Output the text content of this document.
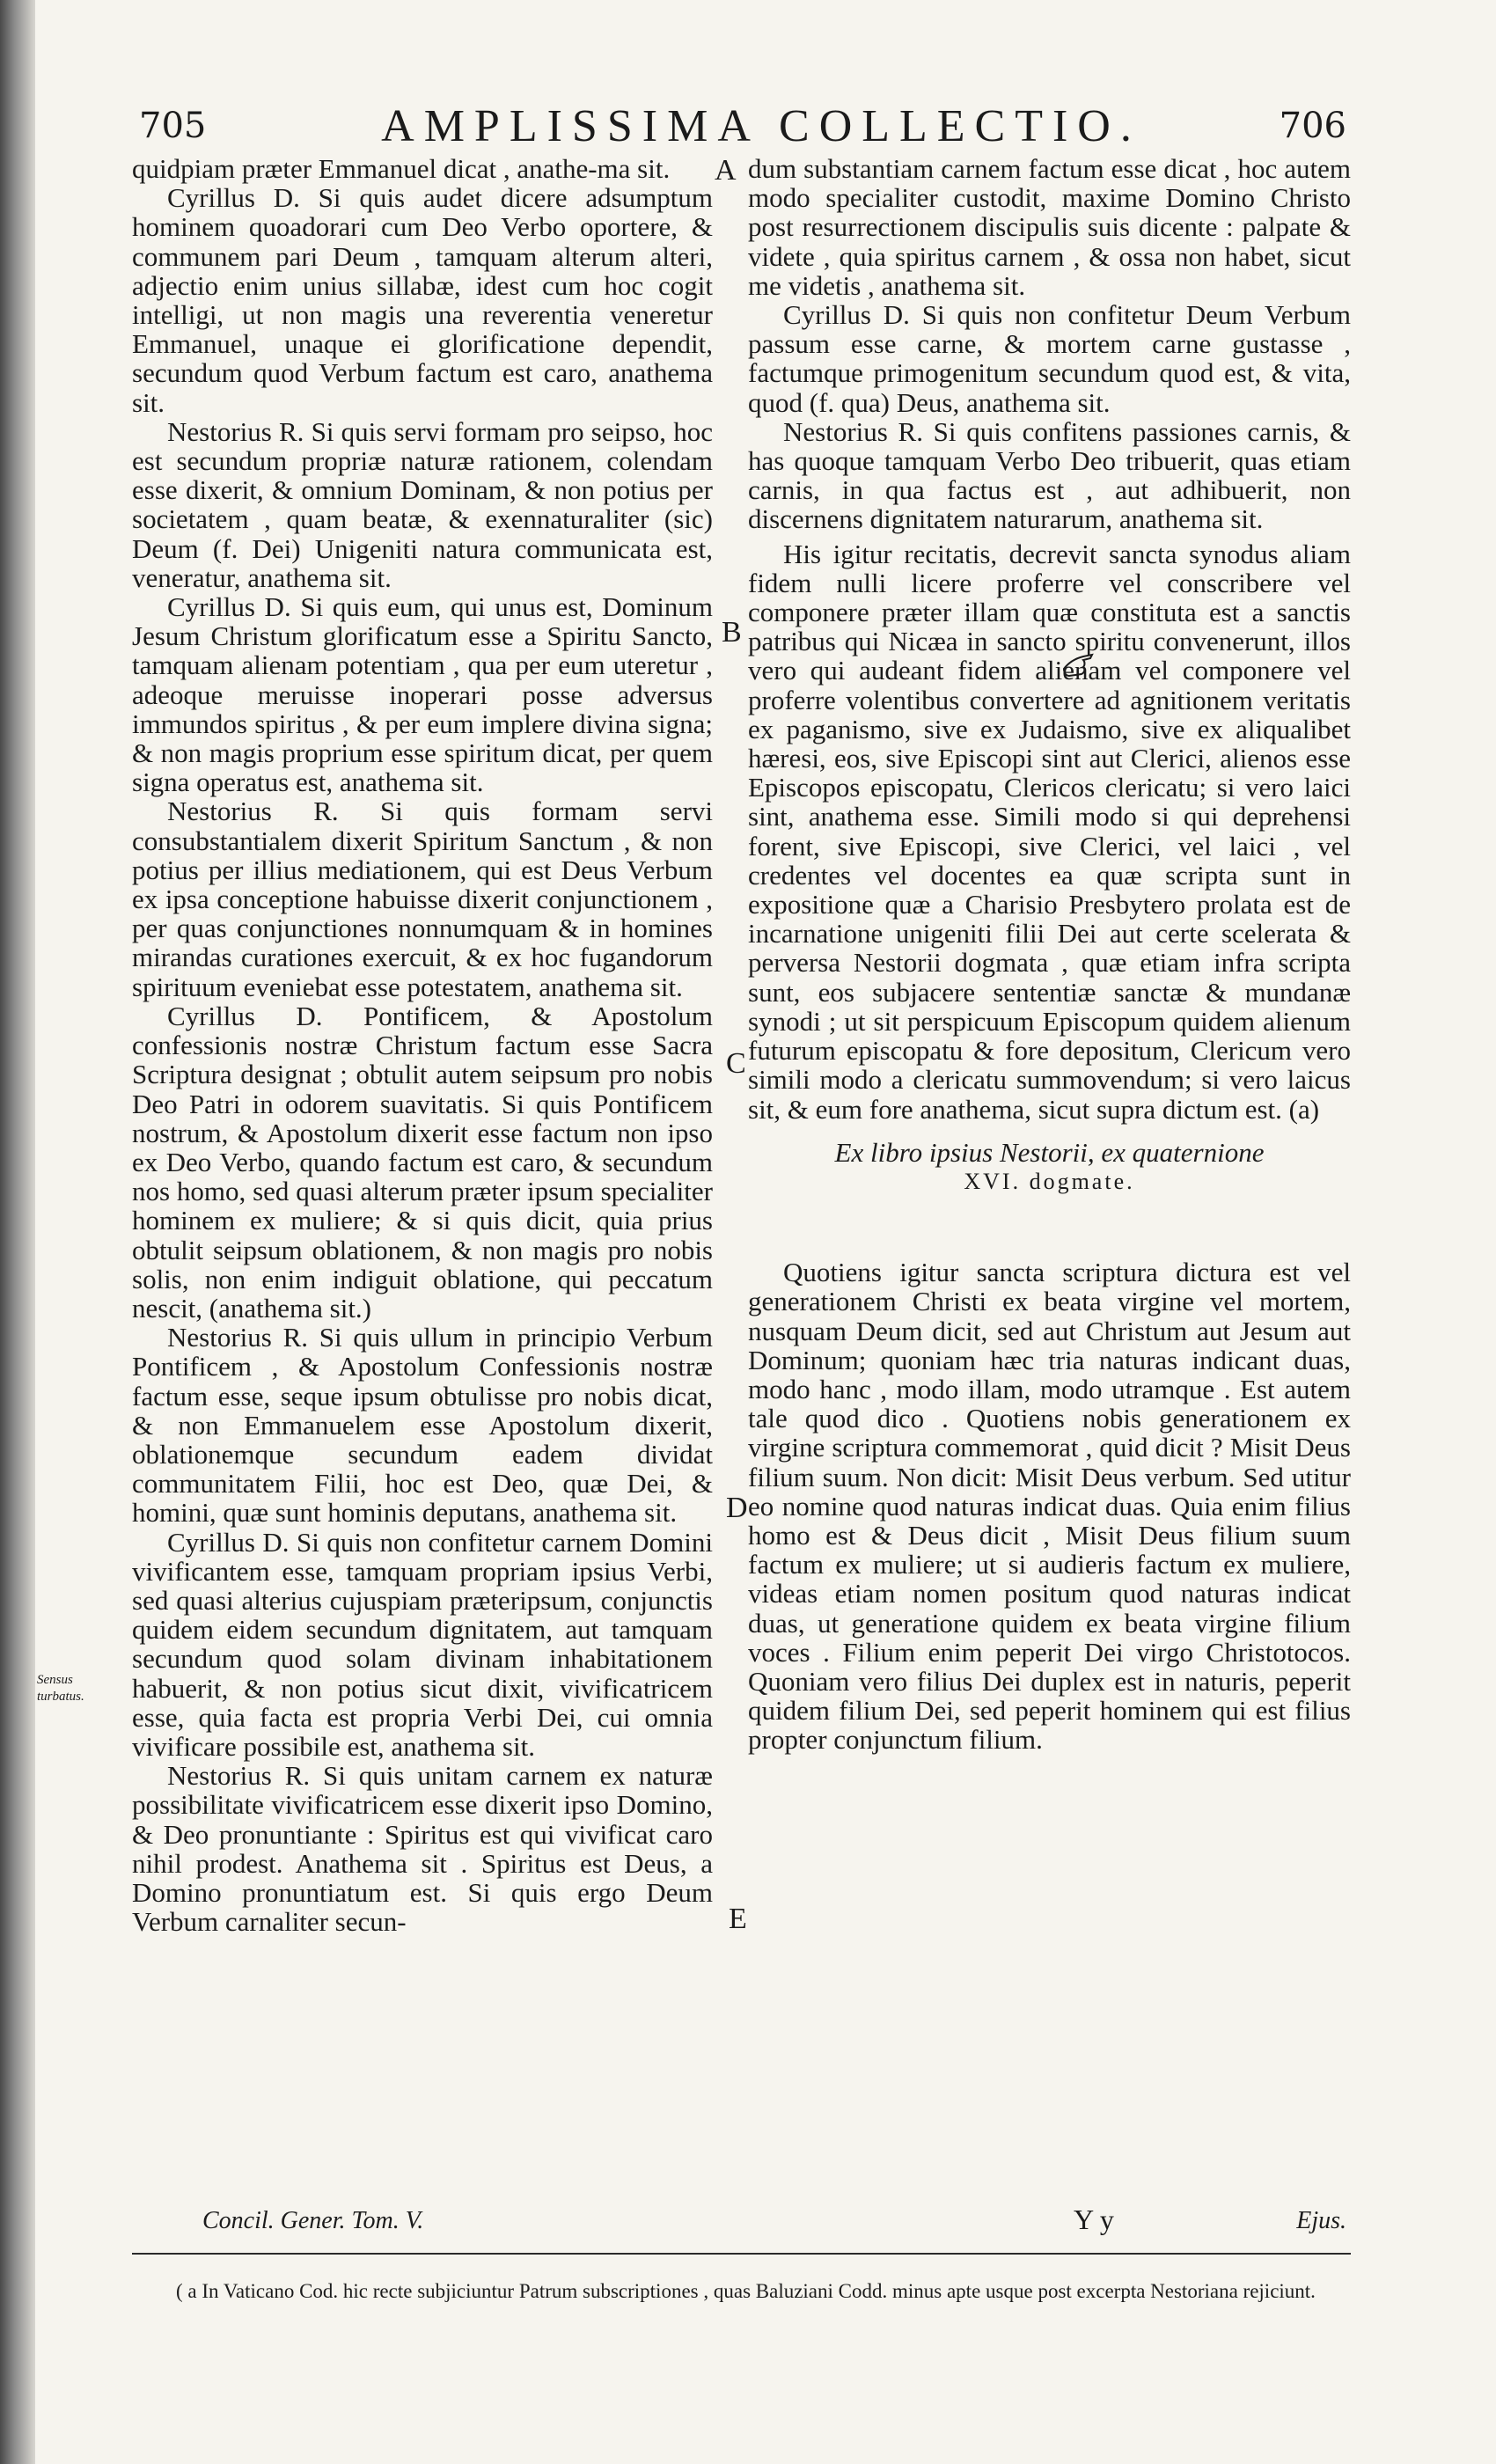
705	AMPLISSIMA COLLECTIO.	706

quidpiam præter Emmanuel dicat , anathe-ma sit.

Cyrillus D. Si quis audet dicere adsumptum hominem quoadorari cum Deo Verbo oportere, & communem pari Deum , tamquam alterum alteri, adjectio enim unius sillabæ, idest cum hoc cogit intelligi, ut non magis una reverentia veneretur Emmanuel, unaque ei glorificatione dependit, secundum quod Verbum factum est caro, anathema sit.

Nestorius R. Si quis servi formam pro seipso, hoc est secundum propriæ naturæ rationem, colendam esse dixerit, & omnium Dominam, & non potius per societatem , quam beatæ, & exennaturaliter (sic) Deum (f. Dei) Unigeniti natura communicata est, veneratur, anathema sit.

Cyrillus D. Si quis eum, qui unus est, Dominum Jesum Christum glorificatum esse a Spiritu Sancto, tamquam alienam potentiam , qua per eum uteretur , adeoque meruisse inoperari posse adversus immundos spiritus , & per eum implere divina signa; & non magis proprium esse spiritum dicat, per quem signa operatus est, anathema sit.

Nestorius R. Si quis formam servi consubstantialem dixerit Spiritum Sanctum , & non potius per illius mediationem, qui est Deus Verbum ex ipsa conceptione habuisse dixerit conjunctionem , per quas conjunctiones nonnumquam & in homines mirandas curationes exercuit, & ex hoc fugandorum spirituum eveniebat esse potestatem, anathema sit.

Cyrillus D. Pontificem, & Apostolum confessionis nostræ Christum factum esse Sacra Scriptura designat ; obtulit autem seipsum pro nobis Deo Patri in odorem suavitatis. Si quis Pontificem nostrum, & Apostolum dixerit esse factum non ipso ex Deo Verbo, quando factum est caro, & secundum nos homo, sed quasi alterum præter ipsum specialiter hominem ex muliere; & si quis dicit, quia prius obtulit seipsum oblationem, & non magis pro nobis solis, non enim indiguit oblatione, qui peccatum nescit, (anathema sit.)

Nestorius R. Si quis ullum in principio Verbum Pontificem , & Apostolum Confessionis nostræ factum esse, seque ipsum obtulisse pro nobis dicat, & non Emmanuelem esse Apostolum dixerit, oblationemque secundum eadem dividat communitatem Filii, hoc est Deo, quæ Dei, & homini, quæ sunt hominis deputans, anathema sit.

Cyrillus D. Si quis non confitetur carnem Domini vivificantem esse, tamquam propriam ipsius Verbi, sed quasi alterius cujuspiam præteripsum, conjunctis quidem eidem secundum dignitatem, aut tamquam secundum quod solam divinam inhabitationem habuerit, & non potius sicut dixit, vivificatricem esse, quia facta est propria Verbi Dei, cui omnia vivificare possibile est, anathema sit.

Nestorius R. Si quis unitam carnem ex naturæ possibilitate vivificatricem esse dixerit ipso Domino, & Deo pronuntiante : Spiritus est qui vivificat caro nihil prodest. Anathema sit . Spiritus est Deus, a Domino pronuntiatum est. Si quis ergo Deum Verbum carnaliter secun-

dum substantiam carnem factum esse dicat , hoc autem modo specialiter custodit, maxime Domino Christo post resurrectionem discipulis suis dicente : palpate & videte , quia spiritus carnem , & ossa non habet, sicut me videtis , anathema sit.

Cyrillus D. Si quis non confitetur Deum Verbum passum esse carne, & mortem carne gustasse , factumque primogenitum secundum quod est, & vita, quod (f. qua) Deus, anathema sit.

Nestorius R. Si quis confitens passiones carnis, & has quoque tamquam Verbo Deo tribuerit, quas etiam carnis, in qua factus est , aut adhibuerit, non discernens dignitatem naturarum, anathema sit.

His igitur recitatis, decrevit sancta synodus aliam fidem nulli licere proferre vel conscribere vel componere præter illam quæ constituta est a sanctis patribus qui Nicæa in sancto spiritu convenerunt, illos vero qui audeant fidem alienam vel componere vel proferre volentibus convertere ad agnitionem veritatis ex paganismo, sive ex Judaismo, sive ex aliqualibet hæresi, eos, sive Episcopi sint aut Clerici, alienos esse Episcopos episcopatu, Clericos clericatu; si vero laici sint, anathema esse. Simili modo si qui deprehensi forent, sive Episcopi, sive Clerici, vel laici , vel credentes vel docentes ea quæ scripta sunt in expositione quæ a Charisio Presbytero prolata est de incarnatione unigeniti filii Dei aut certe scelerata & perversa Nestorii dogmata , quæ etiam infra scripta sunt, eos subjacere sententiæ sanctæ & mundanæ synodi ; ut sit perspicuum Episcopum quidem alienum futurum episcopatu & fore depositum, Clericum vero simili modo a clericatu summovendum; si vero laicus sit, & eum fore anathema, sicut supra dictum est. (a)

Ex libro ipsius Nestorii, ex quaternione

XVI. dogmate.

Quotiens igitur sancta scriptura dictura est vel generationem Christi ex beata virgine vel mortem, nusquam Deum dicit, sed aut Christum aut Jesum aut Dominum; quoniam hæc tria naturas indicant duas, modo hanc , modo illam, modo utramque . Est autem tale quod dico . Quotiens nobis generationem ex virgine scriptura commemorat , quid dicit ? Misit Deus filium suum. Non dicit: Misit Deus verbum. Sed utitur eo nomine quod naturas indicat duas. Quia enim filius homo est & Deus dicit , Misit Deus filium suum factum ex muliere; ut si audieris factum ex muliere, videas etiam nomen positum quod naturas indicat duas, ut generatione quidem ex beata virgine filium voces . Filium enim peperit Dei virgo Christotocos. Quoniam vero filius Dei duplex est in naturis, peperit quidem filium Dei, sed peperit hominem qui est filius propter conjunctum filium.

A
B
C
D
E
Sensus turbatus.
Concil. Gener. Tom. V.	Y y	Ejus.
( a In Vaticano Cod. hic recte subjiciuntur Patrum subscriptiones , quas Baluziani Codd. minus apte usque post excerpta Nestoriana rejiciunt.
